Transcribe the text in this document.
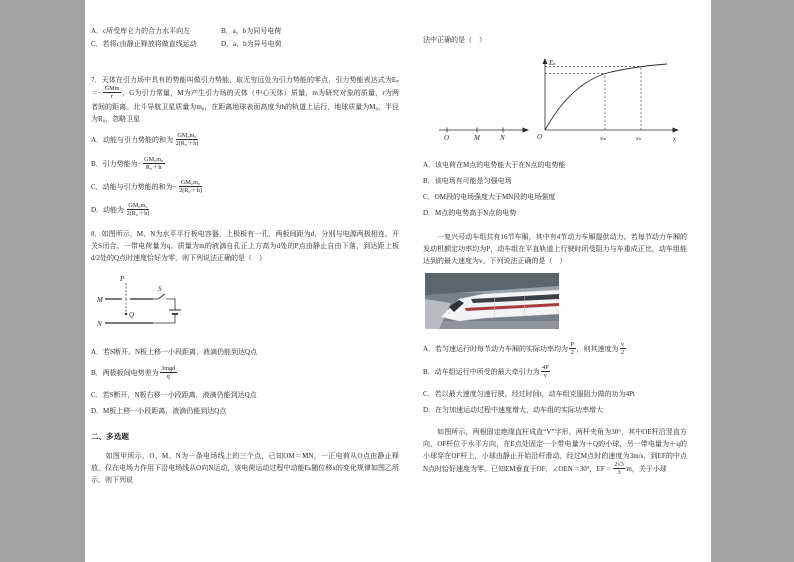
A．c所受库仑力的合力水平向左	B．a、b为同号电荷
C．若将c由静止释放将做直线运动	D．a、b为异号电荷

7．天体在引力场中具有的势能叫做引力势能，取无穷远处为引力势能的零点，引力势能表达式为$E_p=- \frac{\text{GMm}}{r}$ ，G为引力常量，M为产生引力场的天体（中心天体）质量，m为研究对象的质量，r为两者间的距离。北斗导航卫星质量为m₀，在距离地球表面高度为h的轨道上运行，地球质量为M₀，半径为R₀，忽略卫星

A．动能与引力势能的和为 $\frac{\text{GM₀m₀}}{\text{2(R₀＋h)}}$
B．引力势能为− $\frac{\text{GM₀m₀}}{\text{R₀＋h}}$
C．动能与引力势能的和为− $\frac{\text{GM₀m₀}}{\text{2(R₀＋h)}}$
D．动能为 $\frac{\text{GM₀m₀}}{\text{2(R₀＋h)}}$

8．如图所示，M、N为水平平行板电容器，上极板有一孔，两板间距为d，分别与电源两极相连，开关S闭合。一带电荷量为q、质量为m的液滴自孔正上方高为d处的P点由静止自由下落，到达距上板d/2处的Q点时速度恰好为零，则下列说法正确的是（　）

P
M
Q
N
S
A．若S断开，N板上移一小段距离，液滴仍能到达Q点
B．两极板间电势差为 $\frac{\text{3mgd}}{q}$
C．若S断开，N板右移一小段距离，液滴仍能到达Q点
D．M板上移一小段距离，液滴仍能到达Q点
二、多选题

　　如图甲所示，O、M、N为一条电场线上的三个点，已知OM＝MN，一正电荷从O点由静止释放，仅在电场力作用下沿电场线从O向N运动，该电荷运动过程中动能Eₖ随位移x的变化规律如图乙所示，则下列说

法中正确的是（　）

O	M	N
Eₖ
x
O	xₘ	xₙ
A．该电荷在M点的电势能大于在N点的电势能
B．该电场有可能是匀强电场
C．OM段的电场强度大于MN段的电场强度
D．M点的电势高于N点的电势

　　一复兴号动车组共有16节车厢，其中有4节动力车厢提供动力。若每节动力车厢的发动机额定功率均为P，动车组在平直轨道上行驶时所受阻力与车重成正比，动车组能达到的最大速度为v。下列说法正确的是（　）

A．若匀速运行时每节动力车厢的实际功率均为 $\frac{P}{2}$ ，则其速度为 $\frac{v}{2}$
B．动车组运行中所受的最大牵引力为 $\frac{4P}{v}$
C．若以最大速度匀速行驶，经过时间t，动车组克服阻力做的功为4Pt
D．在匀加速运动过程中速度增大，动车组的实际功率增大

　　如图所示，两根固定绝缘直杆成直“V”字形，两杆夹角为30°，其中OE杆沿竖直方向，OF杆位于水平方向，在E点处固定一个带电量为＋Q的小球，另一带电量为＋q的小球穿在OF杆上，小球由静止开始沿杆滑动，经过M点时的速度为3m/s，到EF的中点N点时恰好速度为零。已知EM垂直于OF，∠OEN＝30°，$EF= \frac{2√3}{3}$ m，关于小球
